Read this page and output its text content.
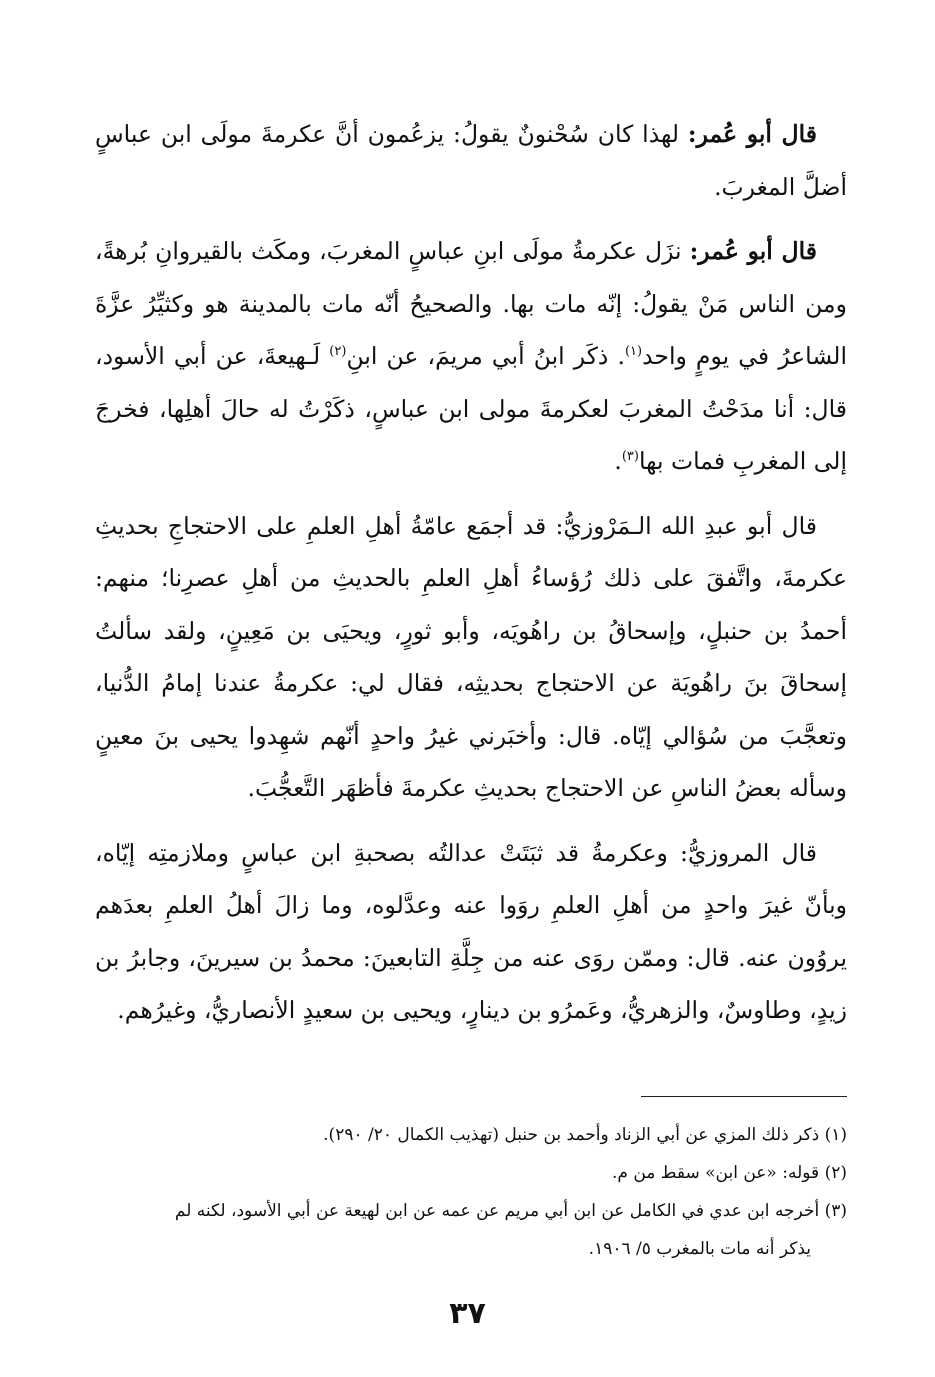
قال أبو عُمر: لهذا كان سُحْنونٌ يقولُ: يزعُمون أنَّ عكرمةَ مولَى ابن عباسٍ أضلَّ المغربَ.

قال أبو عُمر: نزَل عكرمةُ مولَى ابنِ عباسٍ المغربَ، ومكَث بالقيروانِ بُرهةً، ومن الناس مَنْ يقولُ: إنّه مات بها. والصحيحُ أنّه مات بالمدينة هو وكثيِّرُ عزَّةَ الشاعرُ في يومٍ واحد$^{(١)}$. ذكَر ابنُ أبي مريمَ، عن ابنِ$^{(٢)}$ لَـهيعةَ، عن أبي الأسود، قال: أنا مدَحْتُ المغربَ لعكرمةَ مولى ابن عباسٍ، ذكَرْتُ له حالَ أهلِها، فخرجَ إلى المغربِ فمات بها$^{(٣)}$.

قال أبو عبدِ الله الـمَرْوزيُّ: قد أجمَع عامّةُ أهلِ العلمِ على الاحتجاجِ بحديثِ عكرمةَ، واتَّفقَ على ذلك رُؤساءُ أهلِ العلمِ بالحديثِ من أهلِ عصرِنا؛ منهم: أحمدُ بن حنبلٍ، وإسحاقُ بن راهُويَه، وأبو ثورٍ، ويحيَى بن مَعِينٍ، ولقد سألتُ إسحاقَ بنَ راهُويَة عن الاحتجاج بحديثِه، فقال لي: عكرمةُ عندنا إمامُ الدُّنيا، وتعجَّبَ من سُؤالي إيّاه. قال: وأخبَرني غيرُ واحدٍ أنّهم شهِدوا يحيى بنَ معينٍ وسأله بعضُ الناسِ عن الاحتجاج بحديثِ عكرمةَ فأظهَر التَّعجُّبَ.

قال المروزيُّ: وعكرمةُ قد ثبَتَتْ عدالتُه بصحبةِ ابن عباسٍ وملازمتِه إيّاه، وبأنّ غيرَ واحدٍ من أهلِ العلمِ روَوا عنه وعدَّلوه، وما زالَ أهلُ العلمِ بعدَهم يروُون عنه. قال: وممّن روَى عنه من جِلَّةِ التابعينَ: محمدُ بن سيرينَ، وجابرُ بن زيدٍ، وطاوسٌ، والزهريُّ، وعَمرُو بن دينارٍ، ويحيى بن سعيدٍ الأنصاريُّ، وغيرُهم.

(١) ذكر ذلك المزي عن أبي الزناد وأحمد بن حنبل (تهذيب الكمال ٢٠/ ٢٩٠).

(٢) قوله: «عن ابن» سقط من م.

(٣) أخرجه ابن عدي في الكامل عن ابن أبي مريم عن عمه عن ابن لهيعة عن أبي الأسود، لكنه لم

يذكر أنه مات بالمغرب ٥/ ١٩٠٦.

٣٧
